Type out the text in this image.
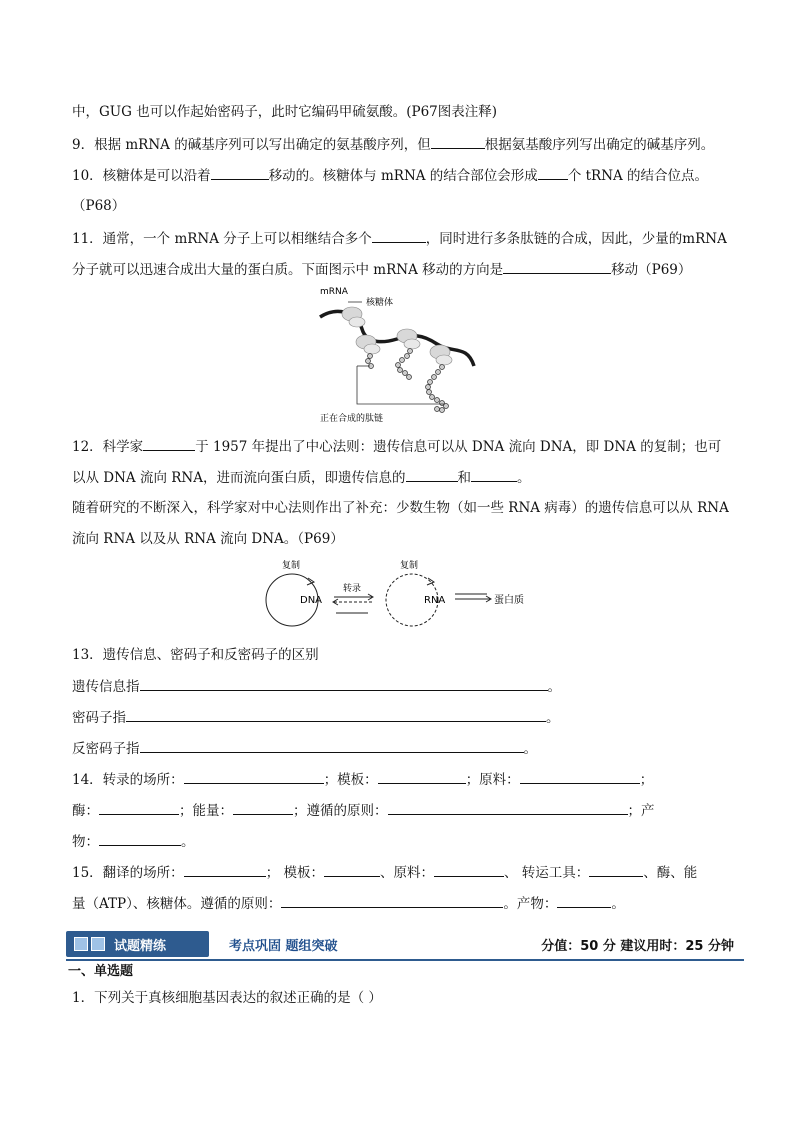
中，GUG 也可以作起始密码子，此时它编码甲硫氨酸。(P67图表注释)
9．根据 mRNA 的碱基序列可以写出确定的氨基酸序列，但	根据氨基酸序列写出确定的碱基序列。
10．核糖体是可以沿着	移动的。核糖体与 mRNA 的结合部位会形成 个 tRNA 的结合位点。
（P68）
11．通常，一个 mRNA 分子上可以相继结合多个	，同时进行多条肽链的合成，因此，少量的mRNA
分子就可以迅速合成出大量的蛋白质。下面图示中 mRNA 移动的方向是	移动（P69）
mRNA
核糖体
正在合成的肽链
12．科学家	于 1957 年提出了中心法则：遗传信息可以从 DNA 流向 DNA，即 DNA 的复制；也可
以从 DNA 流向 RNA，进而流向蛋白质，即遗传信息的	和	。
随着研究的不断深入，科学家对中心法则作出了补充：少数生物（如一些 RNA 病毒）的遗传信息可以从 RNA
流向 RNA 以及从 RNA 流向 DNA。（P69）
复制
DNA
转录
复制
RNA	蛋白质
13．遗传信息、密码子和反密码子的区别
遗传信息指	。
密码子指	。
反密码子指	。
14．转录的场所：	；模板：	；原料：	；
酶：	；能量：	；遵循的原则：	；产
物：	。
15．翻译的场所：	； 模板：	、原料：	、 转运工具：	、酶、能
量（ATP）、核糖体。遵循的原则：	。产物：	。
试题精练	考点巩固 题组突破	分值：50 分 建议用时：25 分钟
一、单选题
1．下列关于真核细胞基因表达的叙述正确的是（ ）
